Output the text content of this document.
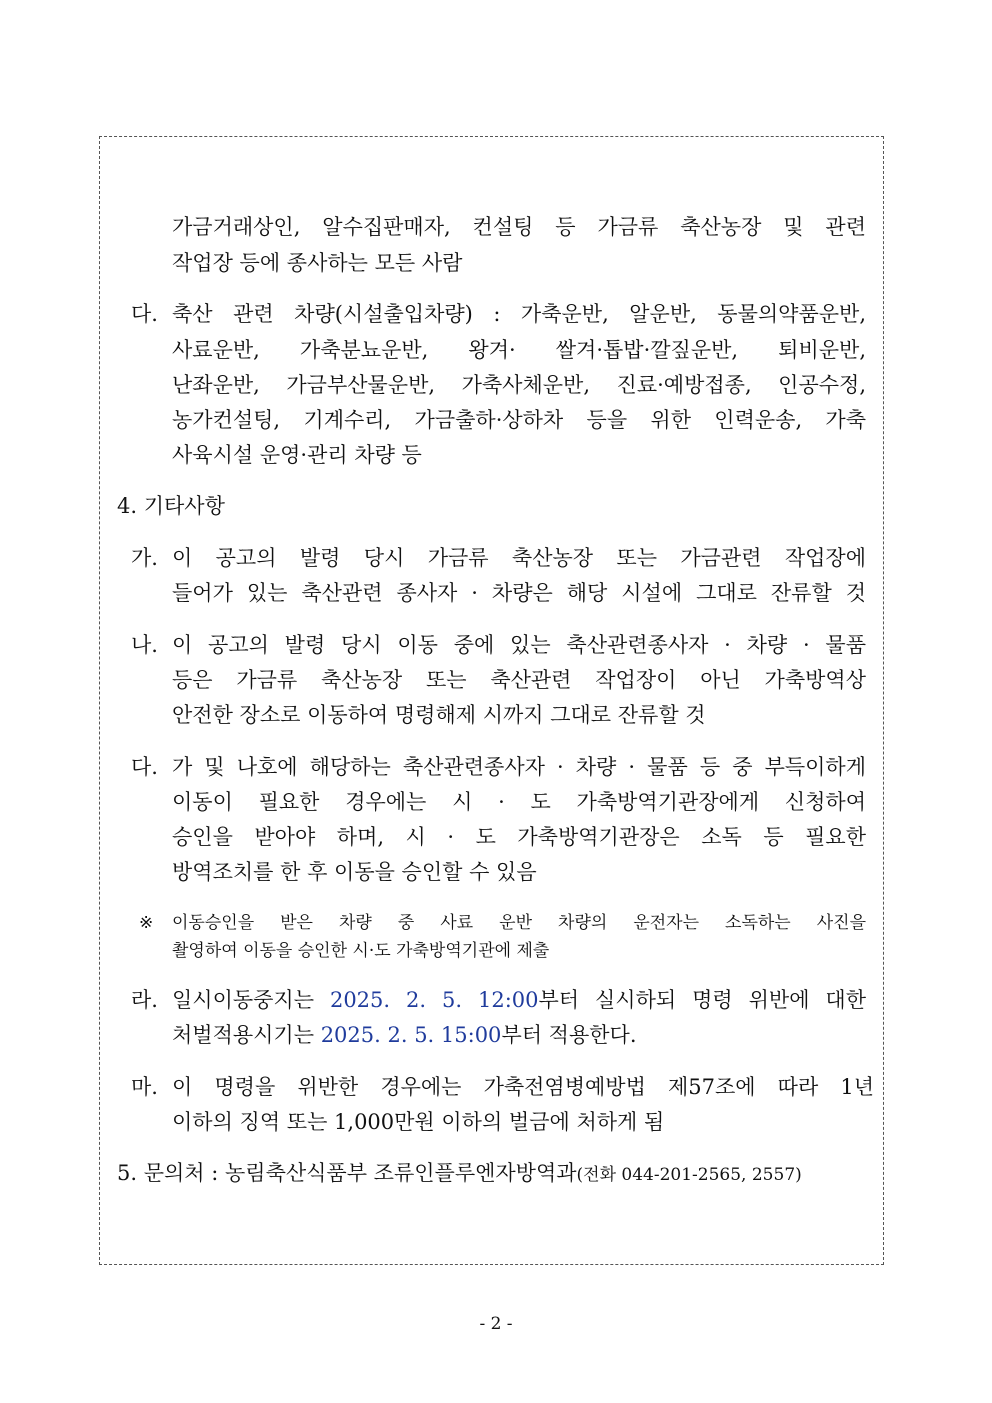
가금거래상인, 알수집판매자, 컨설팅 등 가금류 축산농장 및 관련

작업장 등에 종사하는 모든 사람

다. 축산 관련 차량(시설출입차량) : 가축운반, 알운반, 동물의약품운반,

사료운반, 가축분뇨운반, 왕겨· 쌀겨·톱밥·깔짚운반, 퇴비운반,

난좌운반, 가금부산물운반, 가축사체운반, 진료·예방접종, 인공수정,

농가컨설팅, 기계수리, 가금출하·상하차 등을 위한 인력운송, 가축

사육시설 운영·관리 차량 등

4. 기타사항

가. 이 공고의 발령 당시 가금류 축산농장 또는 가금관련 작업장에

들어가 있는 축산관련 종사자 · 차량은 해당 시설에 그대로 잔류할 것

나. 이 공고의 발령 당시 이동 중에 있는 축산관련종사자 · 차량 · 물품

등은 가금류 축산농장 또는 축산관련 작업장이 아닌 가축방역상

안전한 장소로 이동하여 명령해제 시까지 그대로 잔류할 것

다. 가 및 나호에 해당하는 축산관련종사자 · 차량 · 물품 등 중 부득이하게

이동이 필요한 경우에는 시 · 도 가축방역기관장에게 신청하여

승인을 받아야 하며, 시 · 도 가축방역기관장은 소독 등 필요한

방역조치를 한 후 이동을 승인할 수 있음

※ 이동승인을 받은 차량 중 사료 운반 차량의 운전자는 소독하는 사진을

촬영하여 이동을 승인한 시·도 가축방역기관에 제출

라. 일시이동중지는 2025. 2. 5. 12:00부터 실시하되 명령 위반에 대한

처벌적용시기는 2025. 2. 5. 15:00부터 적용한다.

마. 이 명령을 위반한 경우에는 가축전염병예방법 제57조에 따라 1년

이하의 징역 또는 1,000만원 이하의 벌금에 처하게 됨

5. 문의처 : 농림축산식품부 조류인플루엔자방역과(전화 044-201-2565, 2557)

- 2 -
